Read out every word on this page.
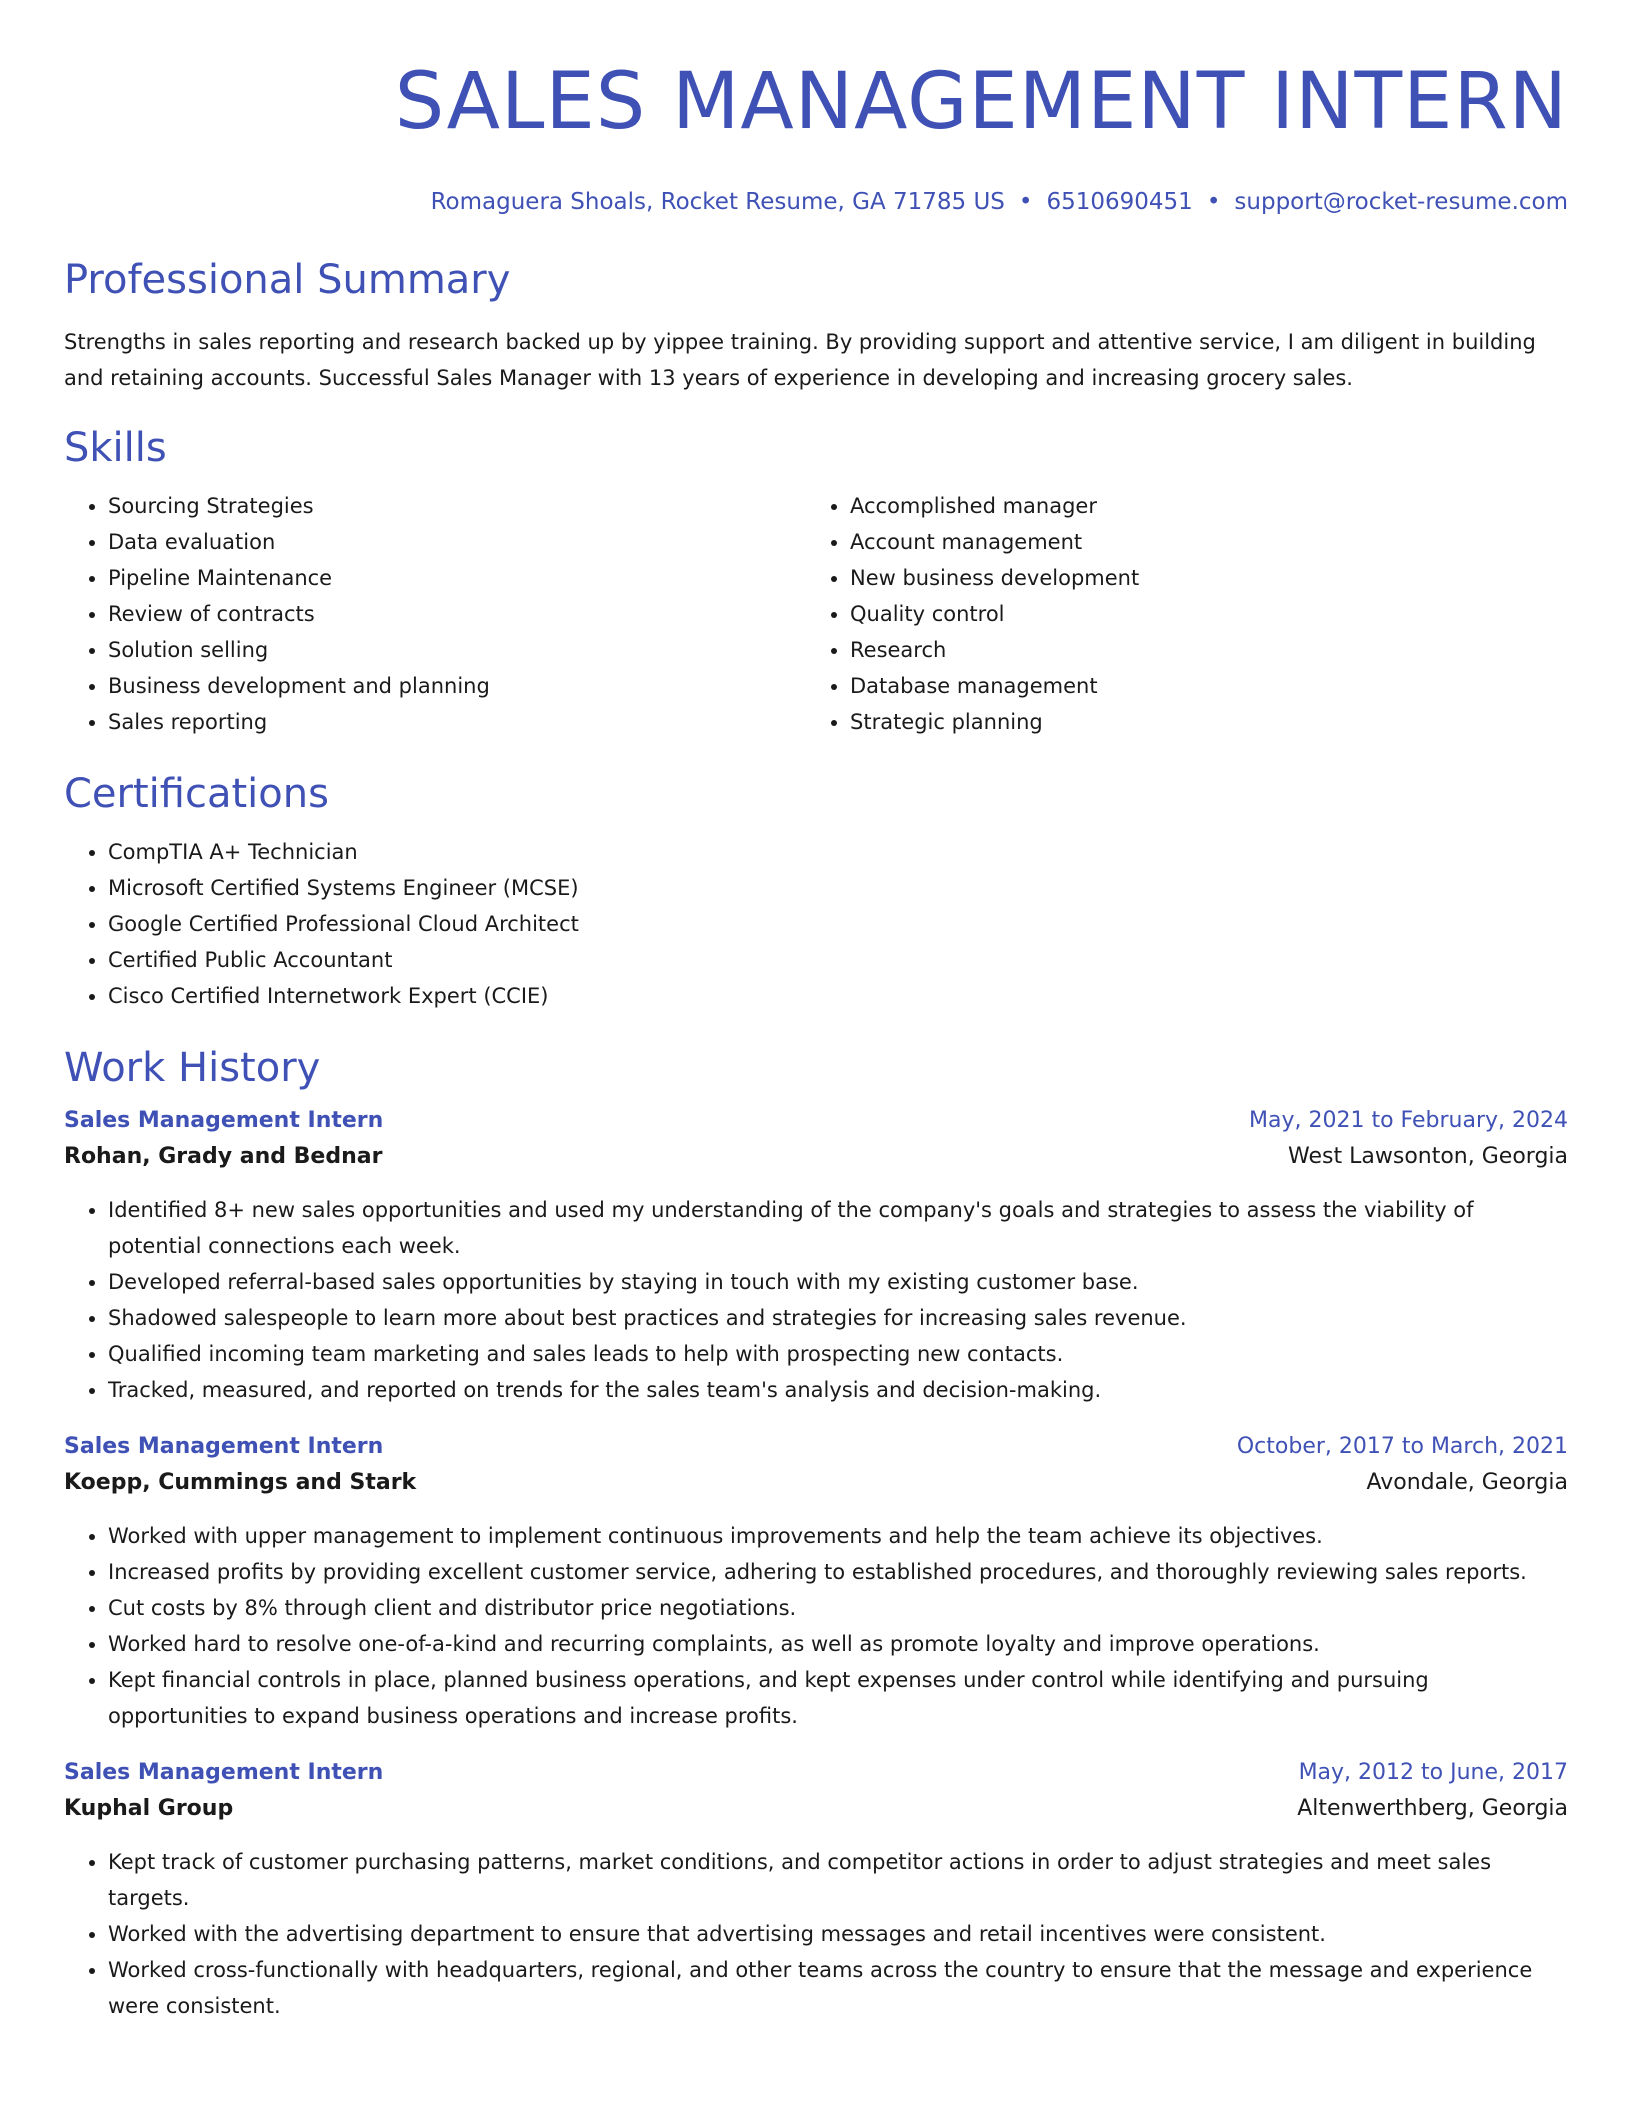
SALES MANAGEMENT INTERN
Romaguera Shoals, Rocket Resume, GA 71785 US • 6510690451 • support@rocket-resume.com
Professional Summary

Strengths in sales reporting and research backed up by yippee training. By providing support and attentive service, I am diligent in building and retaining accounts. Successful Sales Manager with 13 years of experience in developing and increasing grocery sales.

Skills
• Sourcing Strategies
• Data evaluation
• Pipeline Maintenance
• Review of contracts
• Solution selling
• Business development and planning
• Sales reporting
• Accomplished manager
• Account management
• New business development
• Quality control
• Research
• Database management
• Strategic planning
Certifications
• CompTIA A+ Technician
• Microsoft Certified Systems Engineer (MCSE)
• Google Certified Professional Cloud Architect
• Certified Public Accountant
• Cisco Certified Internetwork Expert (CCIE)
Work History
Sales Management Intern	May, 2021 to February, 2024
Rohan, Grady and Bednar	West Lawsonton, Georgia
• Identified 8+ new sales opportunities and used my understanding of the company's goals and strategies to assess the viability of potential connections each week.
• Developed referral-based sales opportunities by staying in touch with my existing customer base.
• Shadowed salespeople to learn more about best practices and strategies for increasing sales revenue.
• Qualified incoming team marketing and sales leads to help with prospecting new contacts.
• Tracked, measured, and reported on trends for the sales team's analysis and decision-making.
Sales Management Intern	October, 2017 to March, 2021
Koepp, Cummings and Stark	Avondale, Georgia
• Worked with upper management to implement continuous improvements and help the team achieve its objectives.
• Increased profits by providing excellent customer service, adhering to established procedures, and thoroughly reviewing sales reports.
• Cut costs by 8% through client and distributor price negotiations.
• Worked hard to resolve one-of-a-kind and recurring complaints, as well as promote loyalty and improve operations.
• Kept financial controls in place, planned business operations, and kept expenses under control while identifying and pursuing opportunities to expand business operations and increase profits.
Sales Management Intern	May, 2012 to June, 2017
Kuphal Group	Altenwerthberg, Georgia
• Kept track of customer purchasing patterns, market conditions, and competitor actions in order to adjust strategies and meet sales targets.
• Worked with the advertising department to ensure that advertising messages and retail incentives were consistent.
• Worked cross-functionally with headquarters, regional, and other teams across the country to ensure that the message and experience were consistent.
